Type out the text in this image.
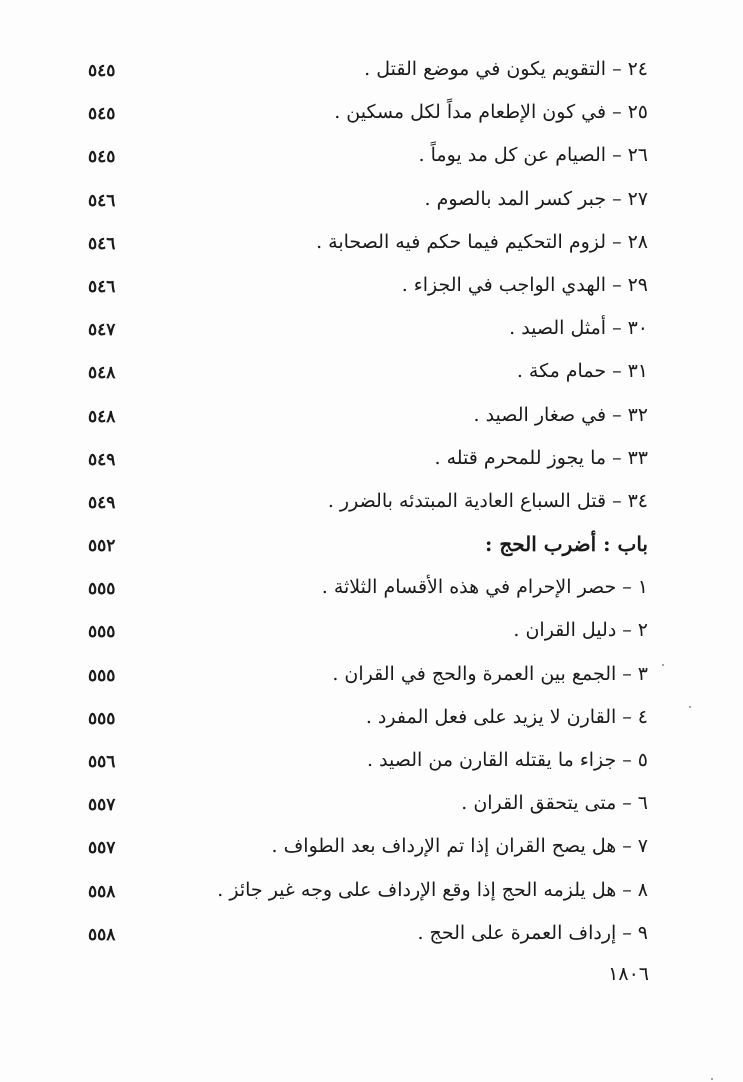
٢٤–التقويم يكون في موضع القتل .
٥٤٥
٢٥–في كون الإطعام مداً لكل مسكين .
٥٤٥
٢٦–الصيام عن كل مد يوماً .
٥٤٥
٢٧–جبر كسر المد بالصوم .
٥٤٦
٢٨–لزوم التحكيم فيما حكم فيه الصحابة .
٥٤٦
٢٩–الهدي الواجب في الجزاء .
٥٤٦
٣٠–أمثل الصيد .
٥٤٧
٣١–حمام مكة .
٥٤٨
٣٢–في صغار الصيد .
٥٤٨
٣٣–ما يجوز للمحرم قتله .
٥٤٩
٣٤–قتل السباع العادية المبتدئه بالضرر .
٥٤٩
باب : أضرب الحج :
٥٥٢
١–حصر الإحرام في هذه الأقسام الثلاثة .
٥٥٥
٢–دليل القران .
٥٥٥
٣–الجمع بين العمرة والحج في القران .
٥٥٥
٤–القارن لا يزيد على فعل المفرد .
٥٥٥
٥–جزاء ما يقتله القارن من الصيد .
٥٥٦
٦–متى يتحقق القران .
٥٥٧
٧–هل يصح القران إذا تم الإرداف بعد الطواف .
٥٥٧
٨–هل يلزمه الحج إذا وقع الإرداف على وجه غير جائز .
٥٥٨
٩–إرداف العمرة على الحج .
٥٥٨
١٨٠٦
